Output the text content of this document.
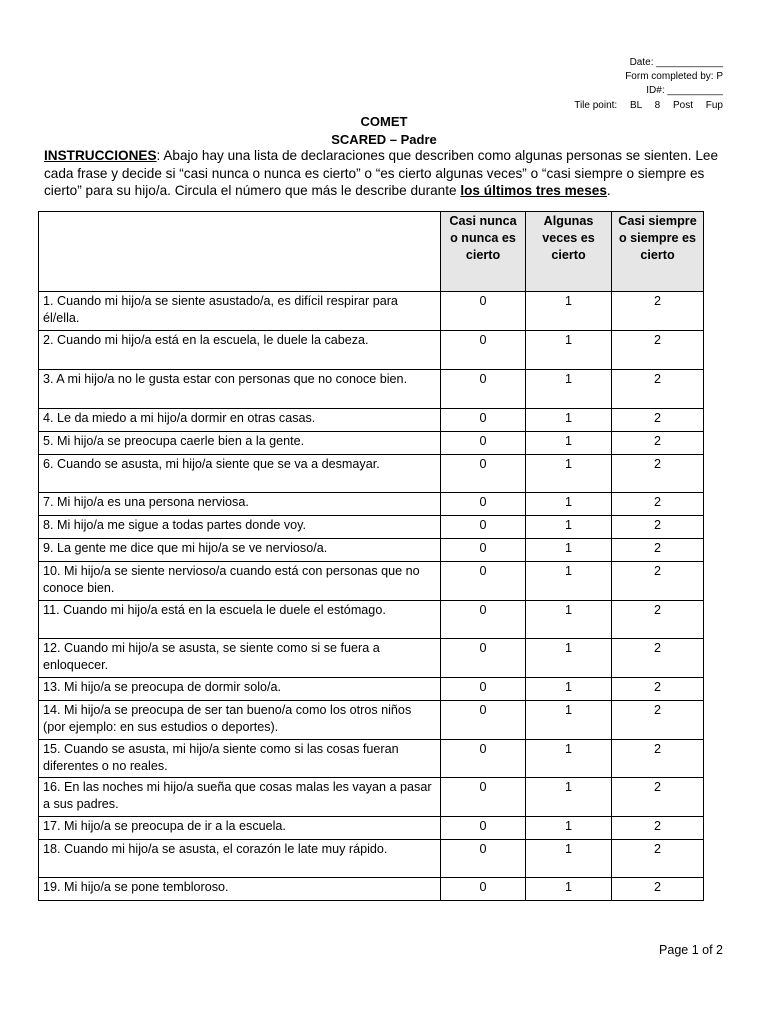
Date: ____________
Form completed by: P
ID#: __________
Tile point: BL 8 Post Fup
COMET
SCARED – Padre
INSTRUCCIONES: Abajo hay una lista de declaraciones que describen como algunas personas se sienten. Lee cada frase y decide si “casi nunca o nunca es cierto” o “es cierto algunas veces” o “casi siempre o siempre es cierto” para su hijo/a. Circula el número que más le describe durante los últimos tres meses.
	Casi nunca o nunca es cierto	Algunas veces es cierto	Casi siempre o siempre es cierto
1. Cuando mi hijo/a se siente asustado/a, es difícil respirar para él/ella.	0	1	2
2. Cuando mi hijo/a está en la escuela, le duele la cabeza.	0	1	2
3. A mi hijo/a no le gusta estar con personas que no conoce bien.	0	1	2
4. Le da miedo a mi hijo/a dormir en otras casas.	0	1	2
5. Mi hijo/a se preocupa caerle bien a la gente.	0	1	2
6. Cuando se asusta, mi hijo/a siente que se va a desmayar.	0	1	2
7. Mi hijo/a es una persona nerviosa.	0	1	2
8. Mi hijo/a me sigue a todas partes donde voy.	0	1	2
9. La gente me dice que mi hijo/a se ve nervioso/a.	0	1	2
10. Mi hijo/a se siente nervioso/a cuando está con personas que no conoce bien.	0	1	2
11. Cuando mi hijo/a está en la escuela le duele el estómago.	0	1	2
12. Cuando mi hijo/a se asusta, se siente como si se fuera a enloquecer.	0	1	2
13. Mi hijo/a se preocupa de dormir solo/a.	0	1	2
14. Mi hijo/a se preocupa de ser tan bueno/a como los otros niños (por ejemplo: en sus estudios o deportes).	0	1	2
15. Cuando se asusta, mi hijo/a siente como si las cosas fueran diferentes o no reales.	0	1	2
16. En las noches mi hijo/a sueña que cosas malas les vayan a pasar a sus padres.	0	1	2
17. Mi hijo/a se preocupa de ir a la escuela.	0	1	2
18. Cuando mi hijo/a se asusta, el corazón le late muy rápido.	0	1	2
19. Mi hijo/a se pone tembloroso.	0	1	2
Page 1 of 2
